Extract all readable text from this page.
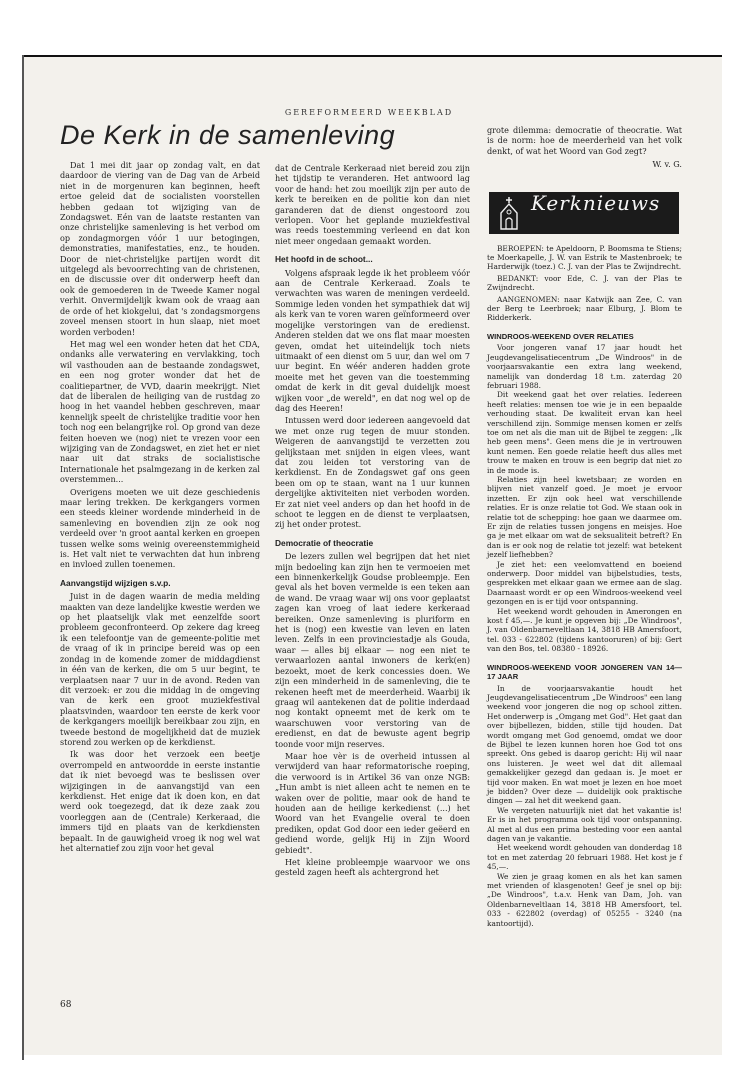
GEREFORMEERD WEEKBLAD
De Kerk in de samenleving

Dat 1 mei dit jaar op zondag valt, en dat daardoor de viering van de Dag van de Arbeid niet in de morgenuren kan beginnen, heeft ertoe geleid dat de socialisten voorstellen hebben gedaan tot wijziging van de Zondagswet. Eén van de laatste restanten van onze christelijke samenleving is het verbod om op zondagmorgen vóór 1 uur betogingen, demonstraties, manifestaties, enz., te houden. Door de niet-christelijke partijen wordt dit uitgelegd als bevoorrechting van de christenen, en de discussie over dit onderwerp heeft dan ook de gemoederen in de Tweede Kamer nogal verhit. Onvermijdelijk kwam ook de vraag aan de orde of het kiokgelui, dat 's zondagsmorgens zoveel mensen stoort in hun slaap, niet moet worden verboden!

Het mag wel een wonder heten dat het CDA, ondanks alle verwatering en vervlakking, toch wil vasthouden aan de bestaande zondagswet, en een nog groter wonder dat het de coalitiepartner, de VVD, daarin meekrijgt. Niet dat de liberalen de heiliging van de rustdag zo hoog in het vaandel hebben geschreven, maar kennelijk speelt de christelijke traditie voor hen toch nog een belangrijke rol. Op grond van deze feiten hoeven we (nog) niet te vrezen voor een wijziging van de Zondagswet, en ziet het er niet naar uit dat straks de socialistische Internationale het psalmgezang in de kerken zal overstemmen...

Overigens moeten we uit deze geschiedenis maar lering trekken. De kerkgangers vormen een steeds kleiner wordende minderheid in de samenleving en bovendien zijn ze ook nog verdeeld over 'n groot aantal kerken en groepen tussen welke soms weinig overeenstemmigheid is. Het valt niet te verwachten dat hun inbreng en invloed zullen toenemen.

Aanvangstijd wijzigen s.v.p.

Juist in de dagen waarin de media melding maakten van deze landelijke kwestie werden we op het plaatselijk vlak met eenzelfde soort probleem geconfronteerd. Op zekere dag kreeg ik een telefoontje van de gemeente-politie met de vraag of ik in principe bereid was op een zondag in de komende zomer de middagdienst in één van de kerken, die om 5 uur begint, te verplaatsen naar 7 uur in de avond. Reden van dit verzoek: er zou die middag in de omgeving van de kerk een groot muziekfestival plaatsvinden, waardoor ten eerste de kerk voor de kerkgangers moeilijk bereikbaar zou zijn, en tweede bestond de mogelijkheid dat de muziek storend zou werken op de kerkdienst.

Ik was door het verzoek een beetje overrompeld en antwoordde in eerste instantie dat ik niet bevoegd was te beslissen over wijzigingen in de aanvangstijd van een kerkdienst. Het enige dat ik doen kon, en dat werd ook toegezegd, dat ik deze zaak zou voorleggen aan de (Centrale) Kerkeraad, die immers tijd en plaats van de kerkdiensten bepaalt. In de gauwigheid vroeg ik nog wel wat het alternatief zou zijn voor het geval

dat de Centrale Kerkeraad niet bereid zou zijn het tijdstip te veranderen. Het antwoord lag voor de hand: het zou moeilijk zijn per auto de kerk te bereiken en de politie kon dan niet garanderen dat de dienst ongestoord zou verlopen. Voor het geplande muziekfestival was reeds toestemming verleend en dat kon niet meer ongedaan gemaakt worden.

Het hoofd in de schoot...

Volgens afspraak legde ik het probleem vóór aan de Centrale Kerkeraad. Zoals te verwachten was waren de meningen verdeeld. Sommige leden vonden het sympathiek dat wij als kerk van te voren waren geïnformeerd over mogelijke verstoringen van de eredienst. Anderen stelden dat we ons flat maar moesten geven, omdat het uiteindelijk toch niets uitmaakt of een dienst om 5 uur, dan wel om 7 uur begint. En wéér anderen hadden grote moeite met het geven van die toestemming omdat de kerk in dit geval duidelijk moest wijken voor „de wereld", en dat nog wel op de dag des Heeren!

Intussen werd door iedereen aangevoeld dat we met onze rug tegen de muur stonden. Weigeren de aanvangstijd te verzetten zou gelijkstaan met snijden in eigen vlees, want dat zou leiden tot verstoring van de kerkdienst. En de Zondagswet gaf ons geen been om op te staan, want na 1 uur kunnen dergelijke aktiviteiten niet verboden worden. Er zat niet veel anders op dan het hoofd in de schoot te leggen en de dienst te verplaatsen, zij het onder protest.

Democratie of theocratie

De lezers zullen wel begrijpen dat het niet mijn bedoeling kan zijn hen te vermoeien met een binnenkerkelijk Goudse probleempje. Een geval als het boven vermelde is een teken aan de wand. De vraag waar wij ons voor geplaatst zagen kan vroeg of laat iedere kerkeraad bereiken. Onze samenleving is pluriform en het is (nog) een kwestie van leven en laten leven. Zelfs in een provinciestadje als Gouda, waar — alles bij elkaar — nog een niet te verwaarlozen aantal inwoners de kerk(en) bezoekt, moet de kerk concessies doen. We zijn een minderheid in de samenleving, die te rekenen heeft met de meerderheid. Waarbij ik graag wil aantekenen dat de politie inderdaad nog kontakt opneemt met de kerk om te waarschuwen voor verstoring van de eredienst, en dat de bewuste agent begrip toonde voor mijn reserves.

Maar hoe vèr is de overheid intussen al verwijderd van haar reformatorische roeping, die verwoord is in Artikel 36 van onze NGB: „Hun ambt is niet alleen acht te nemen en te waken over de politie, maar ook de hand te houden aan de heilige kerkedienst (...) het Woord van het Evangelie overal te doen prediken, opdat God door een ieder geëerd en gediend worde, gelijk Hij in Zijn Woord gebiedt".

Het kleine probleempje waarvoor we ons gesteld zagen heeft als achtergrond het

grote dilemma: democratie of theocratie. Wat is de norm: hoe de meerderheid van het volk denkt, of wat het Woord van God zegt?

W. v. G.
Kerknieuws

BEROEPEN: te Apeldoorn, P. Boomsma te Stiens; te Moerkapelle, J. W. van Estrik te Mastenbroek; te Harderwijk (toez.) C. J. van der Plas te Zwijndrecht.

BEDANKT: voor Ede, C. J. van der Plas te Zwijndrecht.

AANGENOMEN: naar Katwijk aan Zee, C. van der Berg te Leerbroek; naar Elburg, J. Blom te Ridderkerk.

WINDROOS-WEEKEND OVER RELATIES

Voor jongeren vanaf 17 jaar houdt het Jeugdevangelisatiecentrum „De Windroos" in de voorjaarsvakantie een extra lang weekend, namelijk van donderdag 18 t.m. zaterdag 20 februari 1988.

Dit weekend gaat het over relaties. Iedereen heeft relaties: mensen toe wie je in een bepaalde verhouding staat. De kwaliteit ervan kan heel verschillend zijn. Sommige mensen komen er zelfs toe om net als die man uit de Bijbel te zeggen: „Ik heb geen mens". Geen mens die je in vertrouwen kunt nemen. Een goede relatie heeft dus alles met trouw te maken en trouw is een begrip dat niet zo in de mode is.

Relaties zijn heel kwetsbaar; ze worden en blijven niet vanzelf goed. Je moet je ervoor inzetten. Er zijn ook heel wat verschillende relaties. Er is onze relatie tot God. We staan ook in relatie tot de schepping: hoe gaan we daarmee om. Er zijn de relaties tussen jongens en meisjes. Hoe ga je met elkaar om wat de seksualiteit betreft? En dan is er ook nog de relatie tot jezelf: wat betekent jezelf liefhebben?

Je ziet het: een veelomvattend en boeiend onderwerp. Door middel van bijbelstudies, tests, gesprekken met elkaar gaan we ermee aan de slag. Daarnaast wordt er op een Windroos-weekend veel gezongen en is er tijd voor ontspanning.

Het weekend wordt gehouden in Amerongen en kost f 45,—. Je kunt je opgeven bij: „De Windroos", J. van Oldenbarneveltlaan 14, 3818 HB Amersfoort, tel. 033 - 622802 (tijdens kantooruren) of bij: Gert van den Bos, tel. 08380 - 18926.

WINDROOS-WEEKEND VOOR JONGEREN VAN 14—17 JAAR

In de voorjaarsvakantie houdt het Jeugdevangelisatiecentrum „De Windroos" een lang weekend voor jongeren die nog op school zitten. Het onderwerp is „Omgang met God". Het gaat dan over bijbellezen, bidden, stille tijd houden. Dat wordt omgang met God genoemd, omdat we door de Bijbel te lezen kunnen horen hoe God tot ons spreekt. Ons gebed is daarop gericht: Hij wil naar ons luisteren. Je weet wel dat dit allemaal gemakkelijker gezegd dan gedaan is. Je moet er tijd voor maken. En wat moet je lezen en hoe moet je bidden? Over deze — duidelijk ook praktische dingen — zal het dit weekend gaan.

We vergeten natuurlijk niet dat het vakantie is! Er is in het programma ook tijd voor ontspanning. Al met al dus een prima besteding voor een aantal dagen van je vakantie.

Het weekend wordt gehouden van donderdag 18 tot en met zaterdag 20 februari 1988. Het kost je f 45,—.

We zien je graag komen en als het kan samen met vrienden of klasgenoten! Geef je snel op bij: „De Windroos", t.a.v. Henk van Dam, Joh. van Oldenbarneveltlaan 14, 3818 HB Amersfoort, tel. 033 - 622802 (overdag) of 05255 - 3240 (na kantoortijd).

68
